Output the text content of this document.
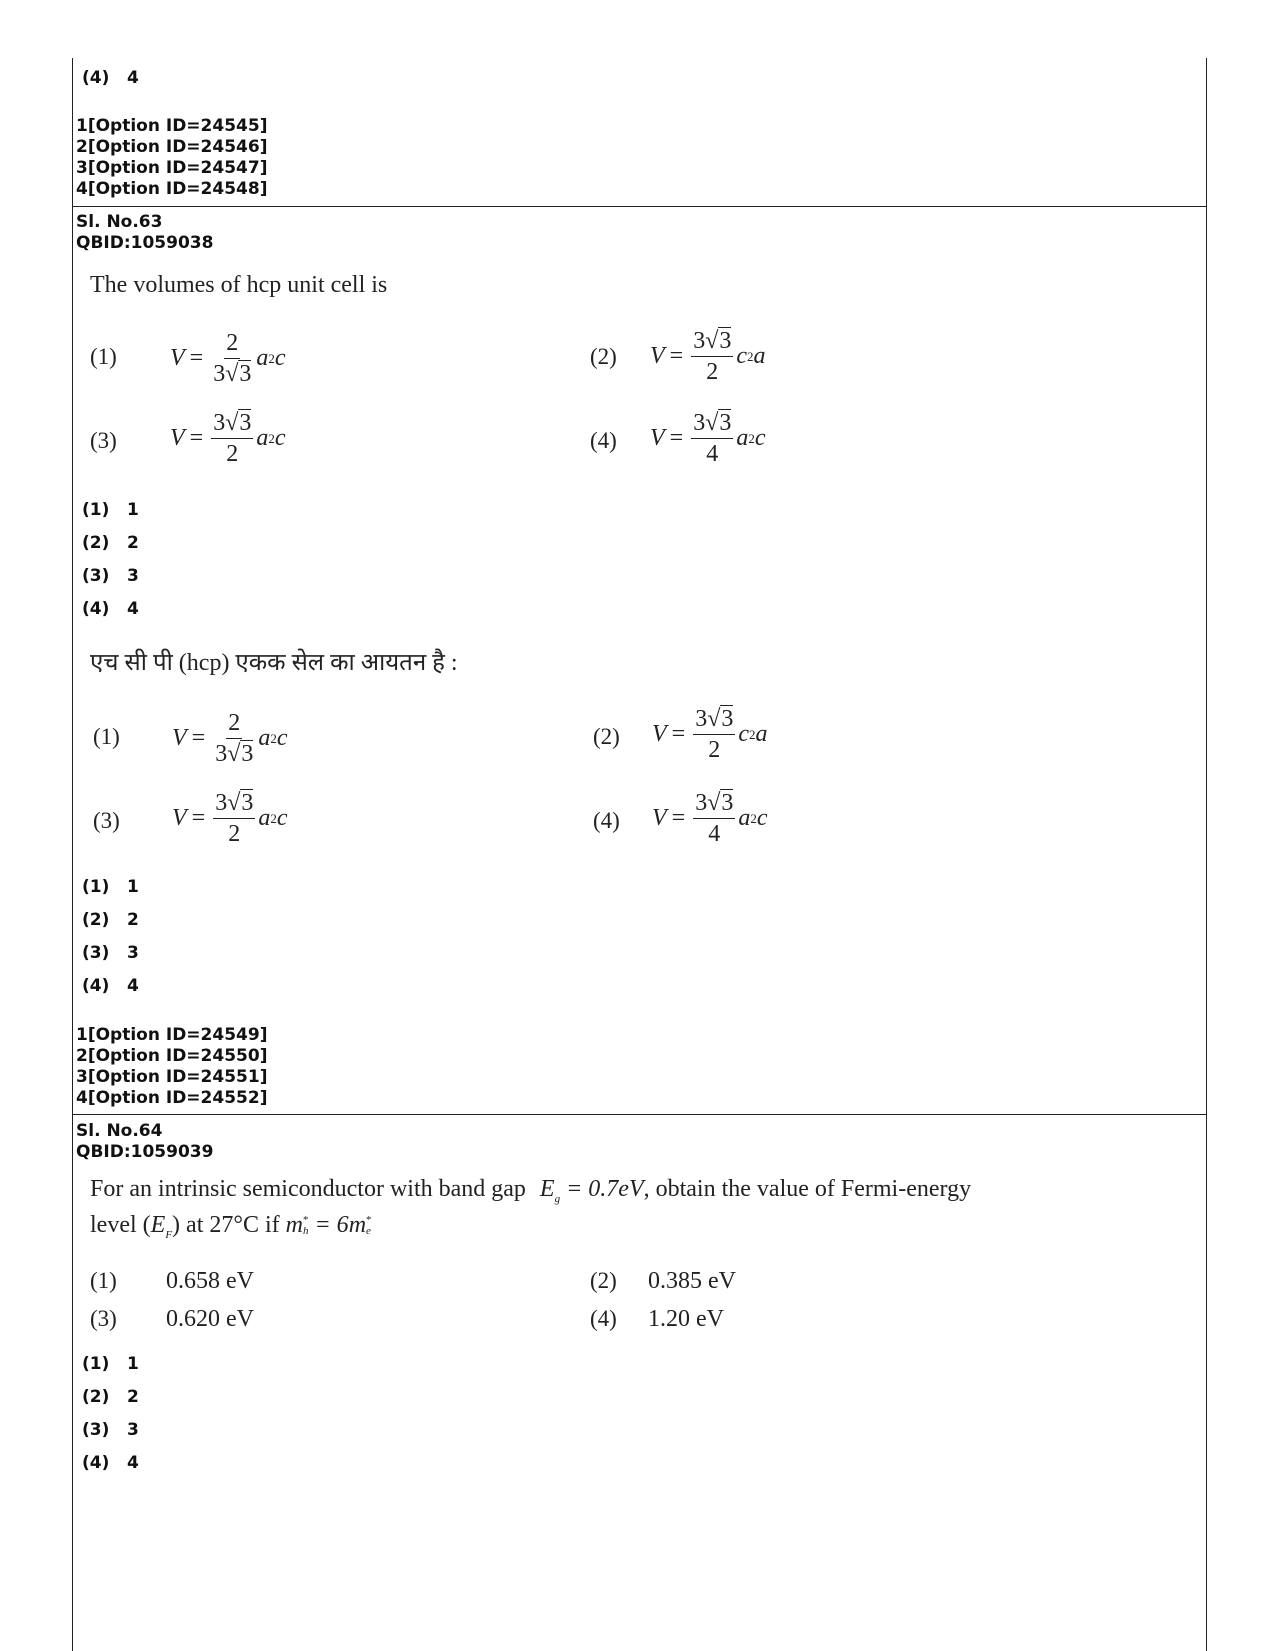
(4) 4
1[Option ID=24545]
2[Option ID=24546]
3[Option ID=24547]
4[Option ID=24548]
Sl. No.63
QBID:1059038
The volumes of hcp unit cell is
(1) $V = \frac{2}{3√3}$ a 2 c	(2) $V = \frac{3√3}{2}$ c 2 a
(3) $V = \frac{3√3}{2}$ a 2 c	(4) $V = \frac{3√3}{4}$ a 2 c
(1) 1
(2) 2
(3) 3
(4) 4
एच सी पी (hcp) एकक सेल का आयतन है :
(1) $V = \frac{2}{3√3}$ a 2 c	(2) $V = \frac{3√3}{2}$ c 2 a
(3) $V = \frac{3√3}{2}$ a 2 c	(4) $V = \frac{3√3}{4}$ a 2 c
(1) 1
(2) 2
(3) 3
(4) 4
1[Option ID=24549]
2[Option ID=24550]
3[Option ID=24551]
4[Option ID=24552]
Sl. No.64
QBID:1059039
For an intrinsic semiconductor with band gap $E_g = 0.7eV$, obtain the value of Fermi-energy
level $(E_F)$ at 27°C if m *
h = 6m *
e
(1) 0.658 eV	(2) 0.385 eV
(3) 0.620 eV	(4) 1.20 eV
(1) 1
(2) 2
(3) 3
(4) 4
